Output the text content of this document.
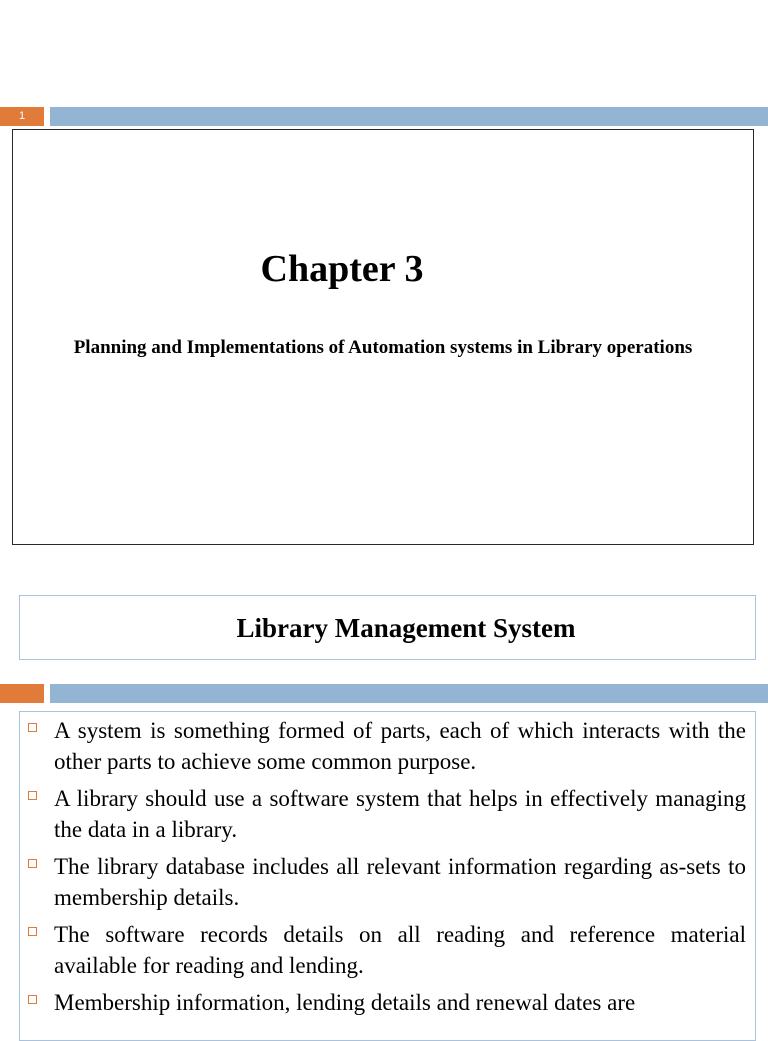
1
Chapter 3
Planning and Implementations of Automation systems in Library operations
Library Management System
A system is something formed of parts, each of which interacts with the other parts to achieve some common purpose.
A library should use a software system that helps in effectively managing the data in a library.
The library database includes all relevant information regarding as-sets to membership details.
The software records details on all reading and reference material available for reading and lending.
Membership information, lending details and renewal dates are
